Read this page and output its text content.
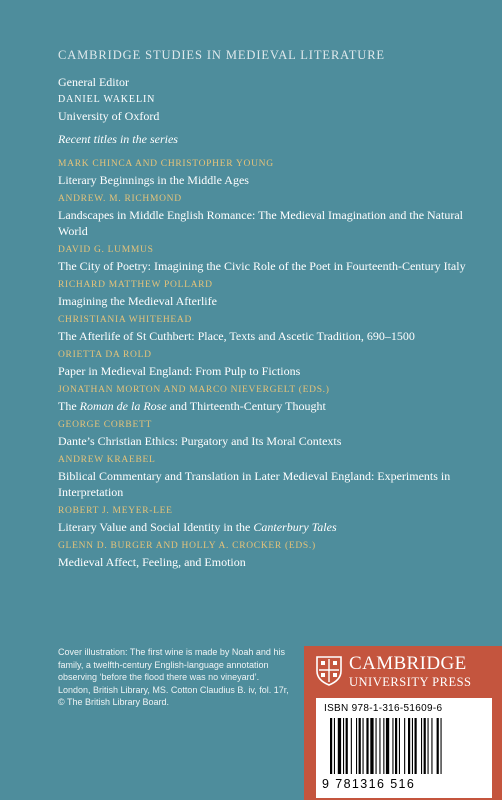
CAMBRIDGE STUDIES IN MEDIEVAL LITERATURE
General Editor
DANIEL WAKELIN
University of Oxford
Recent titles in the series
MARK CHINCA AND CHRISTOPHER YOUNG
Literary Beginnings in the Middle Ages
ANDREW. M. RICHMOND
Landscapes in Middle English Romance: The Medieval Imagination and the Natural World
DAVID G. LUMMUS
The City of Poetry: Imagining the Civic Role of the Poet in Fourteenth-Century Italy
RICHARD MATTHEW POLLARD
Imagining the Medieval Afterlife
CHRISTIANIA WHITEHEAD
The Afterlife of St Cuthbert: Place, Texts and Ascetic Tradition, 690–1500
ORIETTA DA ROLD
Paper in Medieval England: From Pulp to Fictions
JONATHAN MORTON AND MARCO NIEVERGELT (EDS.)
The Roman de la Rose and Thirteenth-Century Thought
GEORGE CORBETT
Dante’s Christian Ethics: Purgatory and Its Moral Contexts
ANDREW KRAEBEL
Biblical Commentary and Translation in Later Medieval England: Experiments in Interpretation
ROBERT J. MEYER-LEE
Literary Value and Social Identity in the Canterbury Tales
GLENN D. BURGER AND HOLLY A. CROCKER (EDS.)
Medieval Affect, Feeling, and Emotion
Cover illustration: The first wine is made by Noah and his family, a twelfth-century English-language annotation observing ‘before the flood there was no vineyard’. London, British Library, MS. Cotton Claudius B. iv, fol. 17r, © The British Library Board.
CAMBRIDGE
UNIVERSITY PRESS
ISBN 978-1-316-51609-6
9 781316 516
